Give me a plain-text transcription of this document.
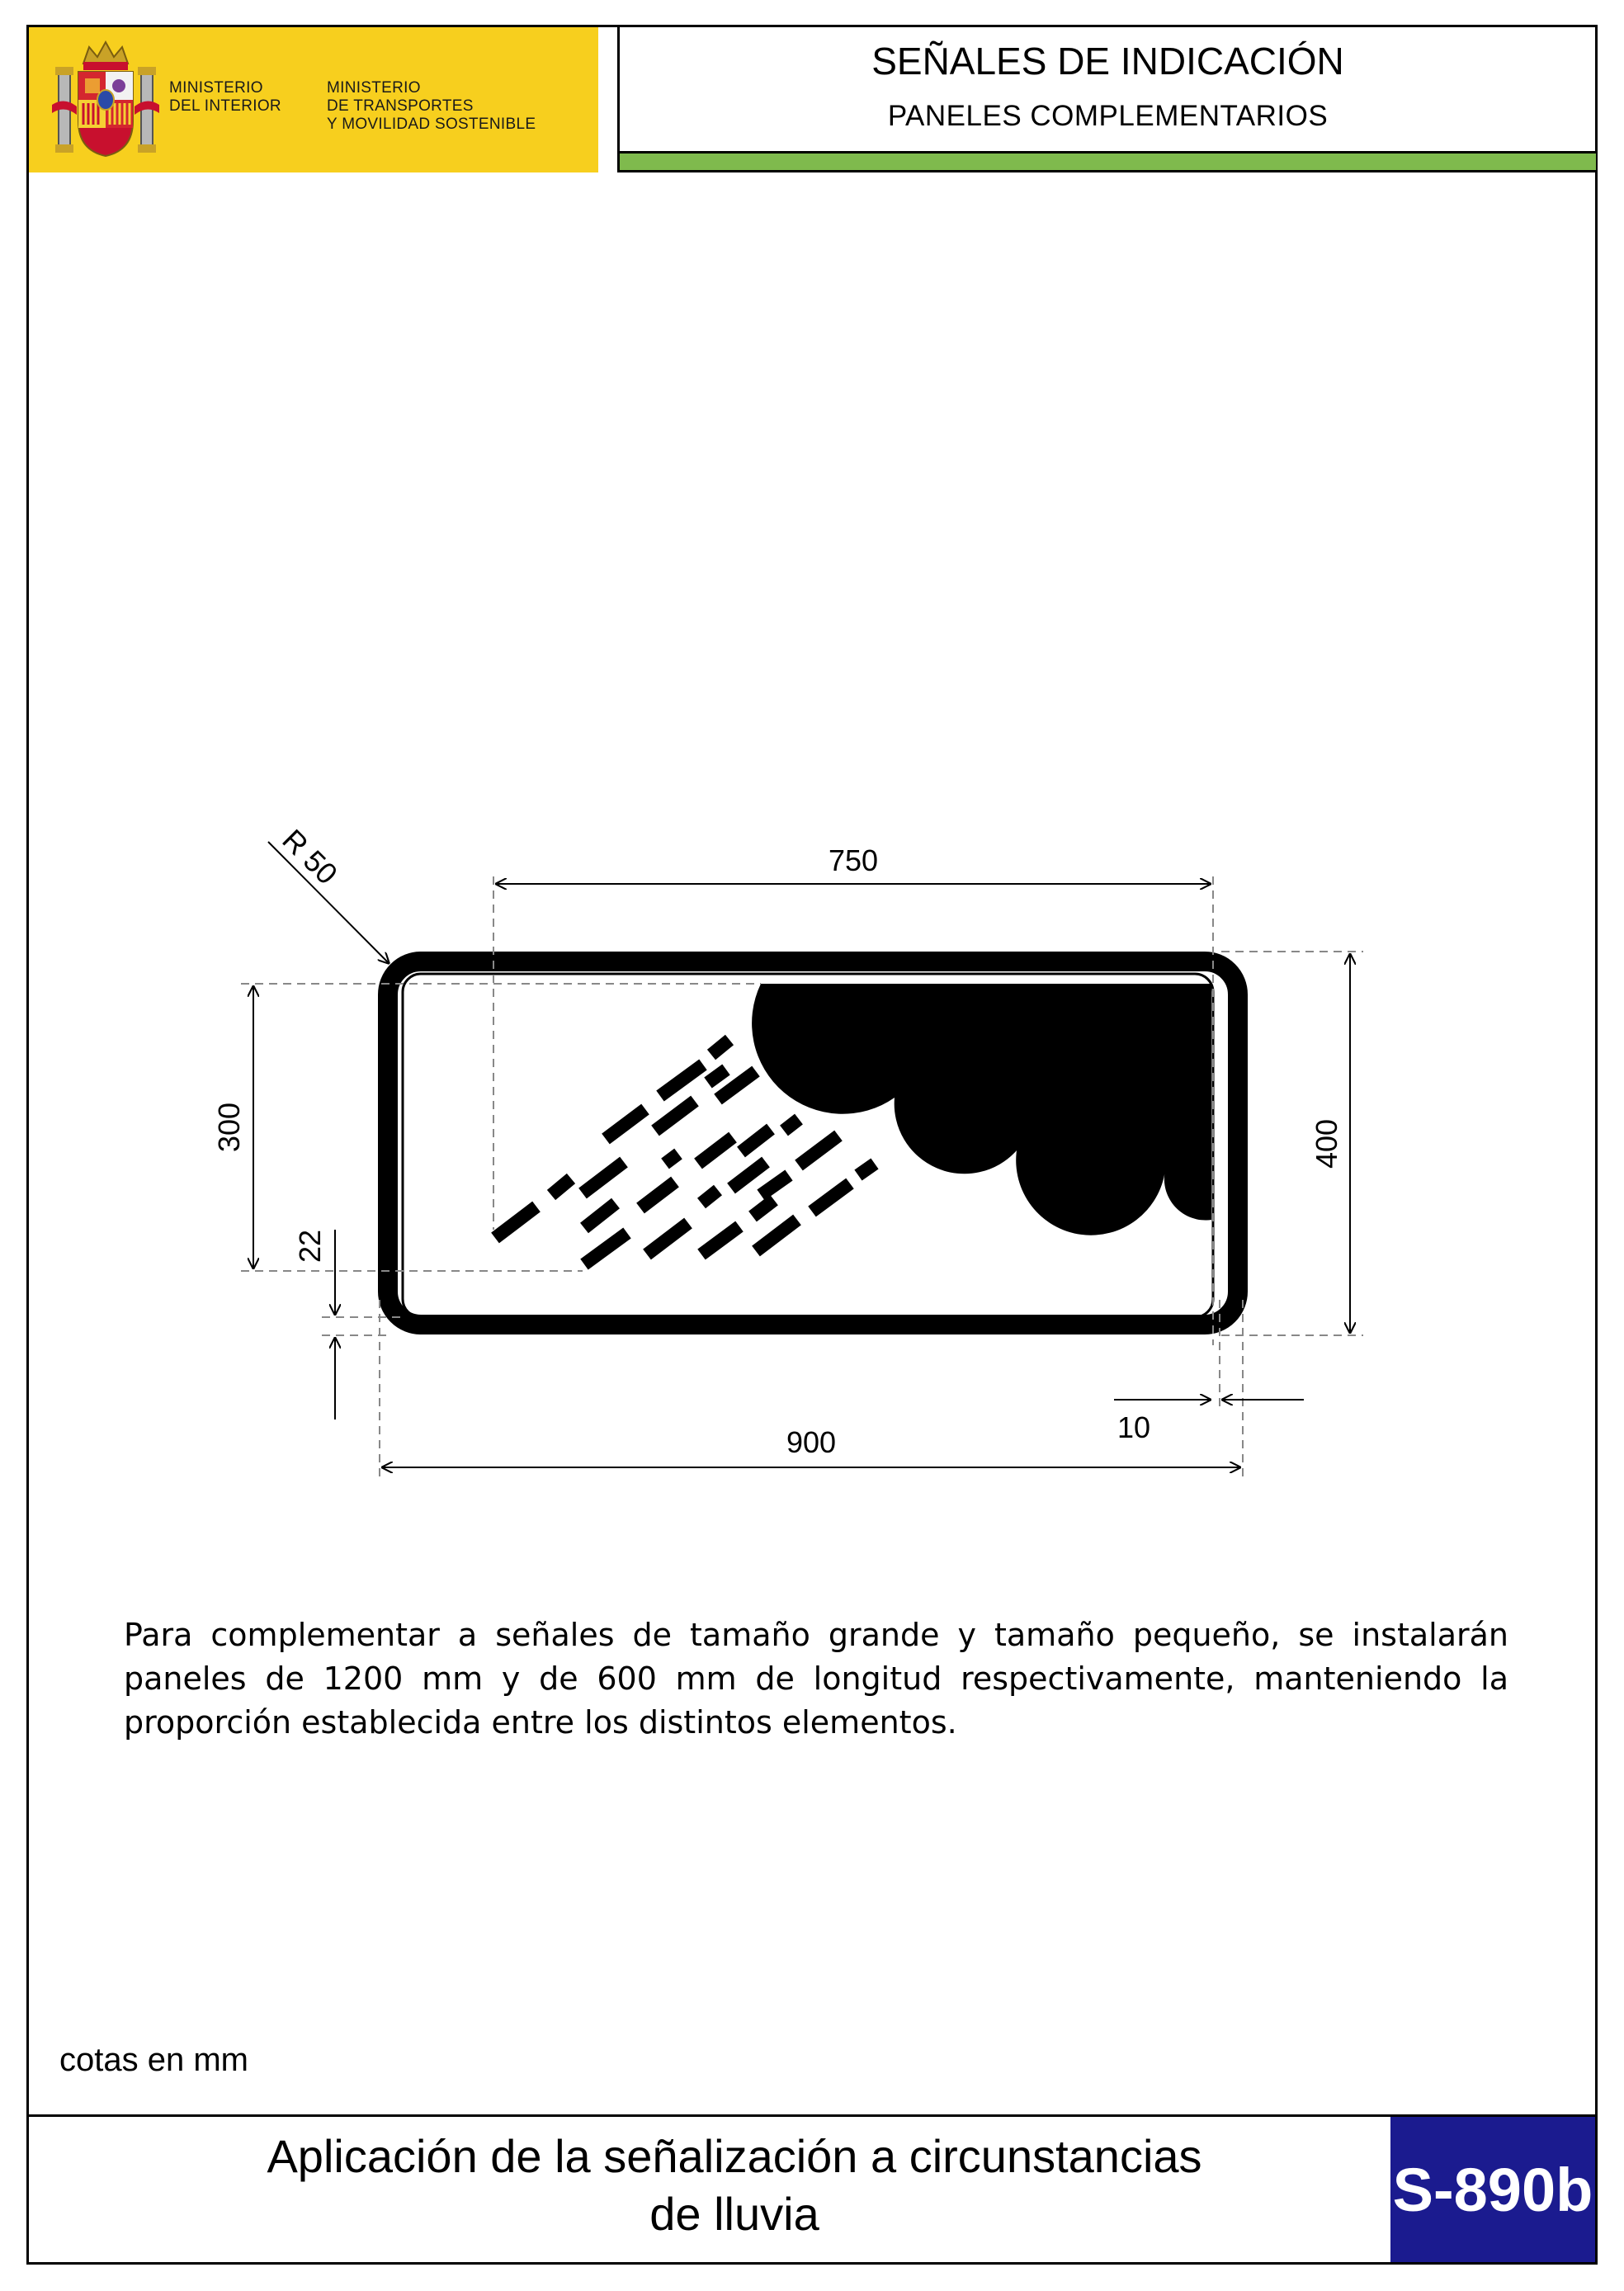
MINISTERIO
DEL INTERIOR
MINISTERIO
DE TRANSPORTES
Y MOVILIDAD SOSTENIBLE
SEÑALES DE INDICACIÓN
PANELES COMPLEMENTARIOS
R 50	750
300	400
22
10
900
Para complementar a señales de tamaño grande y tamaño pequeño, se instalarán paneles de 1200 mm y de 600 mm de longitud respectivamente, manteniendo la proporción establecida entre los distintos elementos.
cotas en mm
Aplicación de la señalización a circunstancias
de lluvia	S-890b
